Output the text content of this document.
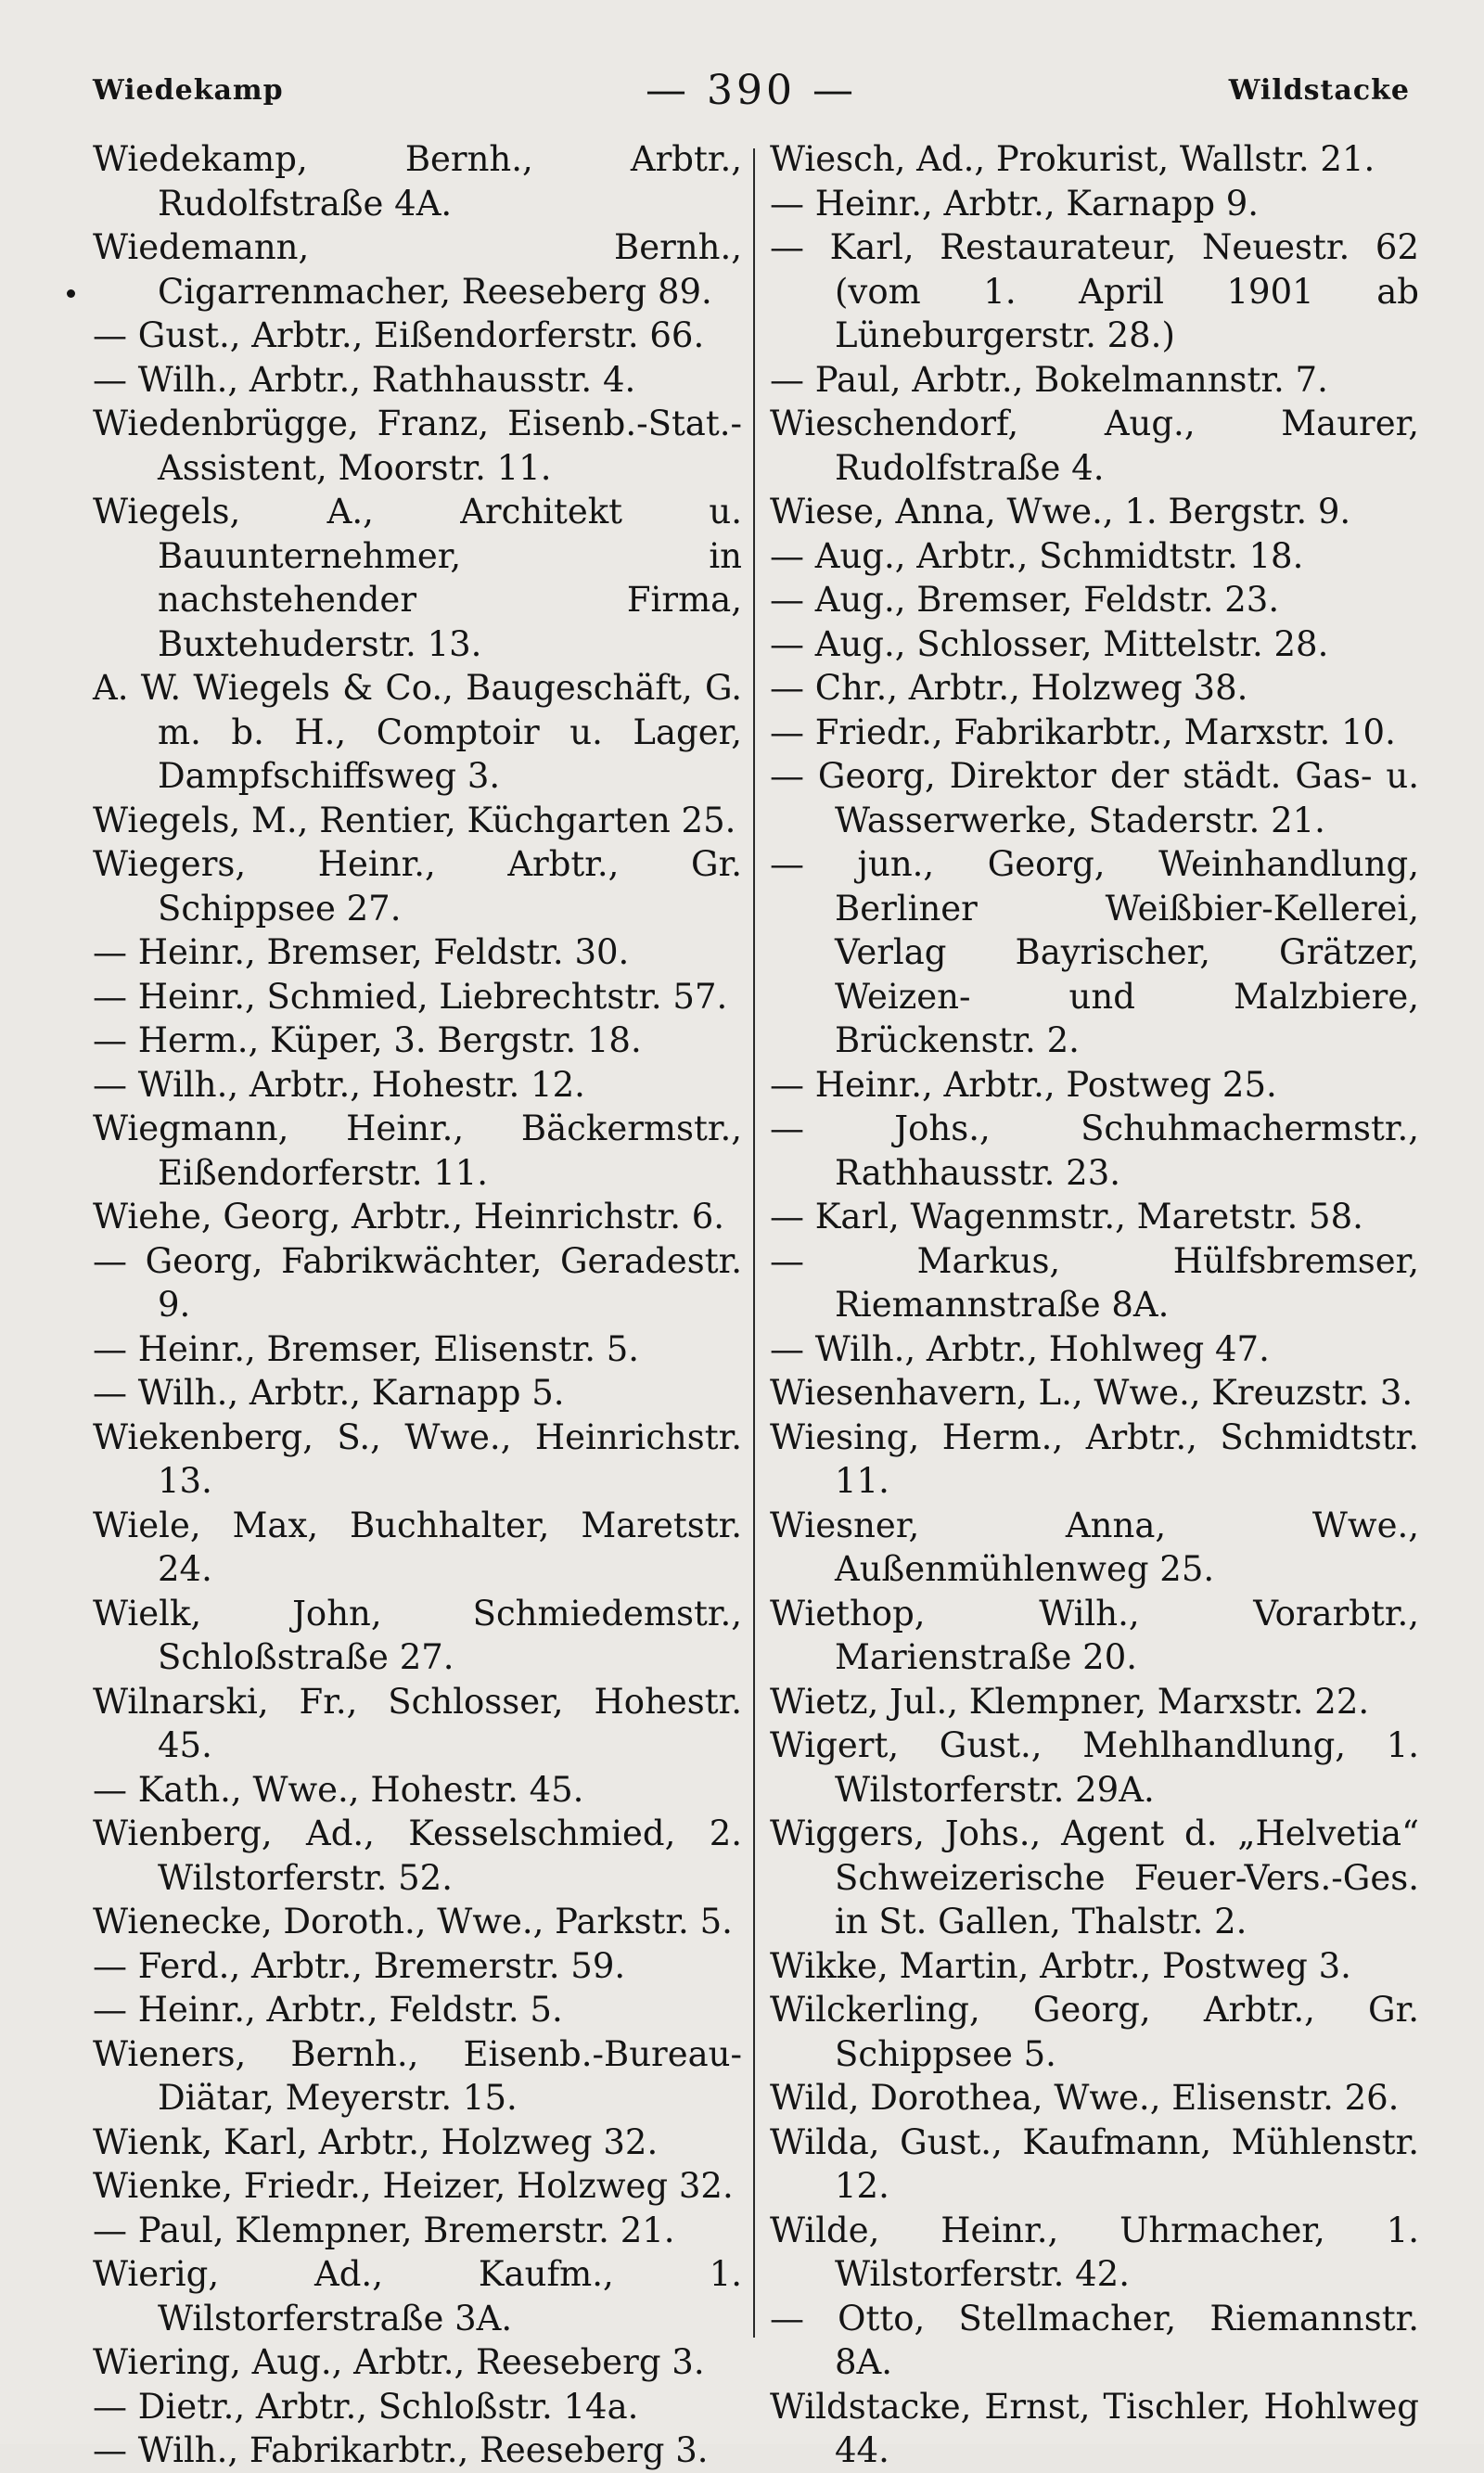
Wiedekamp	— 390 —	Wildstacke

Wiedekamp, Bernh., Arbtr., Rudolfstraße 4A.

Wiedemann, Bernh., Cigarrenmacher, Reeseberg 89.

— Gust., Arbtr., Eißendorferstr. 66.

— Wilh., Arbtr., Rathhausstr. 4.

Wiedenbrügge, Franz, Eisenb.-Stat.-Assistent, Moorstr. 11.

Wiegels, A., Architekt u. Bauunternehmer, in nachstehender Firma, Buxtehuderstr. 13.

A. W. Wiegels & Co., Baugeschäft, G. m. b. H., Comptoir u. Lager, Dampfschiffsweg 3.

Wiegels, M., Rentier, Küchgarten 25.

Wiegers, Heinr., Arbtr., Gr. Schippsee 27.

— Heinr., Bremser, Feldstr. 30.

— Heinr., Schmied, Liebrechtstr. 57.

— Herm., Küper, 3. Bergstr. 18.

— Wilh., Arbtr., Hohestr. 12.

Wiegmann, Heinr., Bäckermstr., Eißendorferstr. 11.

Wiehe, Georg, Arbtr., Heinrichstr. 6.

— Georg, Fabrikwächter, Geradestr. 9.

— Heinr., Bremser, Elisenstr. 5.

— Wilh., Arbtr., Karnapp 5.

Wiekenberg, S., Wwe., Heinrichstr. 13.

Wiele, Max, Buchhalter, Maretstr. 24.

Wielk, John, Schmiedemstr., Schloßstraße 27.

Wilnarski, Fr., Schlosser, Hohestr. 45.

— Kath., Wwe., Hohestr. 45.

Wienberg, Ad., Kesselschmied, 2. Wilstorferstr. 52.

Wienecke, Doroth., Wwe., Parkstr. 5.

— Ferd., Arbtr., Bremerstr. 59.

— Heinr., Arbtr., Feldstr. 5.

Wieners, Bernh., Eisenb.-Bureau-Diätar, Meyerstr. 15.

Wienk, Karl, Arbtr., Holzweg 32.

Wienke, Friedr., Heizer, Holzweg 32.

— Paul, Klempner, Bremerstr. 21.

Wierig, Ad., Kaufm., 1. Wilstorferstraße 3A.

Wiering, Aug., Arbtr., Reeseberg 3.

— Dietr., Arbtr., Schloßstr. 14a.

— Wilh., Fabrikarbtr., Reeseberg 3.

Wiesch, Ad., Prokurist, Wallstr. 21.

— Heinr., Arbtr., Karnapp 9.

— Karl, Restaurateur, Neuestr. 62 (vom 1. April 1901 ab Lüneburgerstr. 28.)

— Paul, Arbtr., Bokelmannstr. 7.

Wieschendorf, Aug., Maurer, Rudolfstraße 4.

Wiese, Anna, Wwe., 1. Bergstr. 9.

— Aug., Arbtr., Schmidtstr. 18.

— Aug., Bremser, Feldstr. 23.

— Aug., Schlosser, Mittelstr. 28.

— Chr., Arbtr., Holzweg 38.

— Friedr., Fabrikarbtr., Marxstr. 10.

— Georg, Direktor der städt. Gas- u. Wasserwerke, Staderstr. 21.

— jun., Georg, Weinhandlung, Berliner Weißbier-Kellerei, Verlag Bayrischer, Grätzer, Weizen- und Malzbiere, Brückenstr. 2.

— Heinr., Arbtr., Postweg 25.

— Johs., Schuhmachermstr., Rathhausstr. 23.

— Karl, Wagenmstr., Maretstr. 58.

— Markus, Hülfsbremser, Riemannstraße 8A.

— Wilh., Arbtr., Hohlweg 47.

Wiesenhavern, L., Wwe., Kreuzstr. 3.

Wiesing, Herm., Arbtr., Schmidtstr. 11.

Wiesner, Anna, Wwe., Außenmühlenweg 25.

Wiethop, Wilh., Vorarbtr., Marienstraße 20.

Wietz, Jul., Klempner, Marxstr. 22.

Wigert, Gust., Mehlhandlung, 1. Wilstorferstr. 29A.

Wiggers, Johs., Agent d. „Helvetia“ Schweizerische Feuer-Vers.-Ges. in St. Gallen, Thalstr. 2.

Wikke, Martin, Arbtr., Postweg 3.

Wilckerling, Georg, Arbtr., Gr. Schippsee 5.

Wild, Dorothea, Wwe., Elisenstr. 26.

Wilda, Gust., Kaufmann, Mühlenstr. 12.

Wilde, Heinr., Uhrmacher, 1. Wilstorferstr. 42.

— Otto, Stellmacher, Riemannstr. 8A.

Wildstacke, Ernst, Tischler, Hohlweg 44.
